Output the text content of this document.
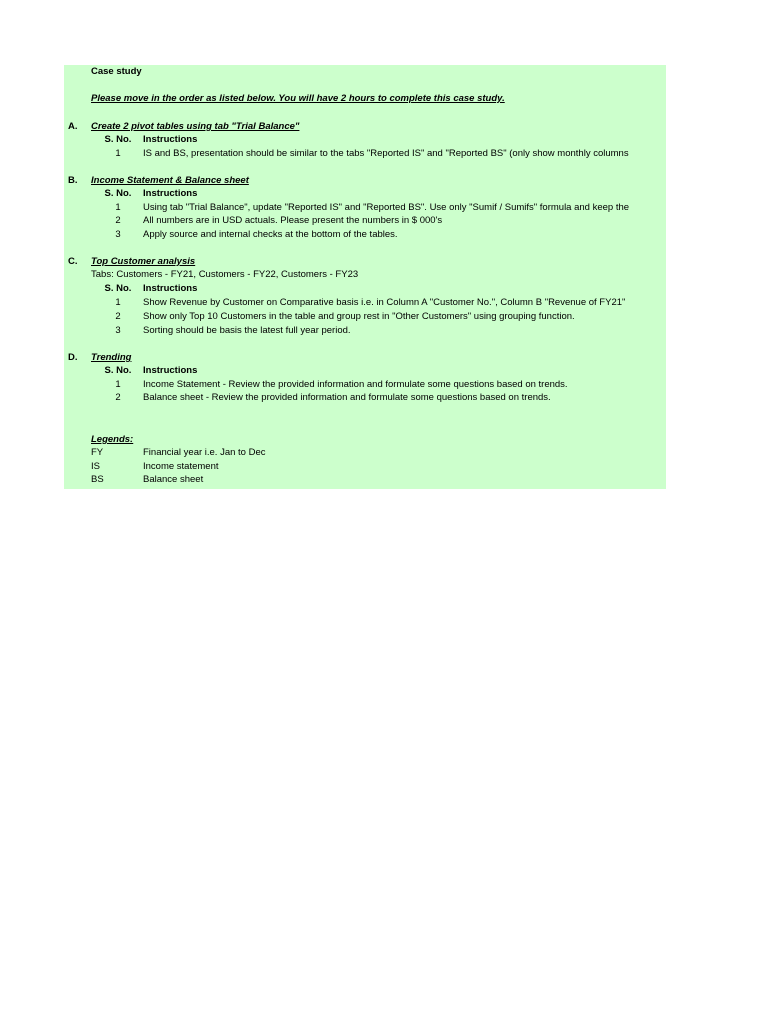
Case study
Please move in the order as listed below. You will have 2 hours to complete this case study.
A. Create 2 pivot tables using tab "Trial Balance"
S. No.	Instructions
1	IS and BS, presentation should be similar to the tabs "Reported IS" and "Reported BS" (only show monthly columns
B. Income Statement & Balance sheet
S. No.	Instructions
1	Using tab "Trial Balance", update "Reported IS" and "Reported BS". Use only "Sumif / Sumifs" formula and keep the
2	All numbers are in USD actuals. Please present the numbers in $ 000's
3	Apply source and internal checks at the bottom of the tables.
C. Top Customer analysis
Tabs: Customers - FY21, Customers - FY22, Customers - FY23
S. No.	Instructions
1	Show Revenue by Customer on Comparative basis i.e. in Column A "Customer No.", Column B "Revenue of FY21"
2	Show only Top 10 Customers in the table and group rest in "Other Customers" using grouping function.
3	Sorting should be basis the latest full year period.
D. Trending
S. No.	Instructions
1	Income Statement - Review the provided information and formulate some questions based on trends.
2	Balance sheet - Review the provided information and formulate some questions based on trends.
Legends:
FY	Financial year i.e. Jan to Dec
IS	Income statement
BS	Balance sheet
